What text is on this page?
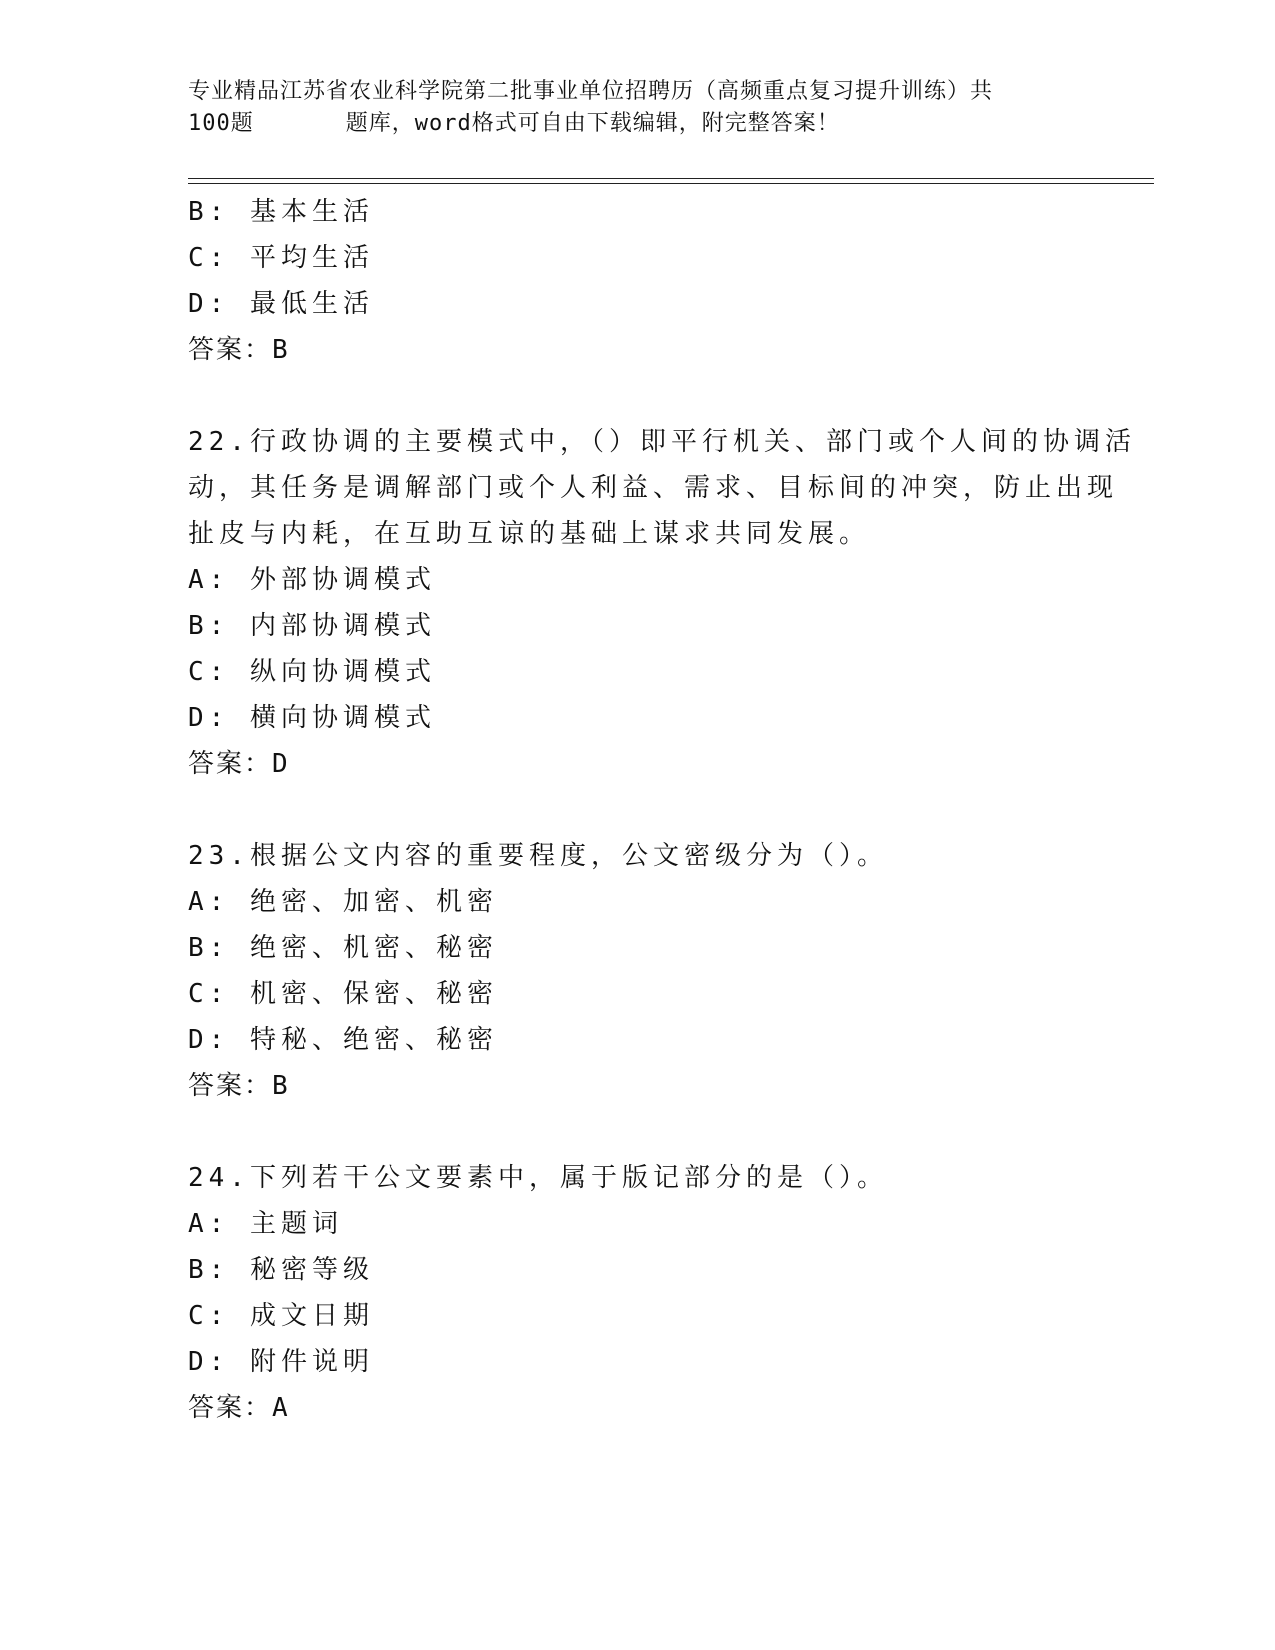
专业精品江苏省农业科学院第二批事业单位招聘历（高频重点复习提升训练）共
100题	题库，word格式可自由下载编辑，附完整答案！
B: 基本生活
C: 平均生活
D: 最低生活
答案：B
22.行政协调的主要模式中，（）即平行机关、部门或个人间的协调活
动，其任务是调解部门或个人利益、需求、目标间的冲突，防止出现
扯皮与内耗，在互助互谅的基础上谋求共同发展。
A: 外部协调模式
B: 内部协调模式
C: 纵向协调模式
D: 横向协调模式
答案：D
23.根据公文内容的重要程度，公文密级分为（）。
A: 绝密、加密、机密
B: 绝密、机密、秘密
C: 机密、保密、秘密
D: 特秘、绝密、秘密
答案：B
24.下列若干公文要素中，属于版记部分的是（）。
A: 主题词
B: 秘密等级
C: 成文日期
D: 附件说明
答案：A
